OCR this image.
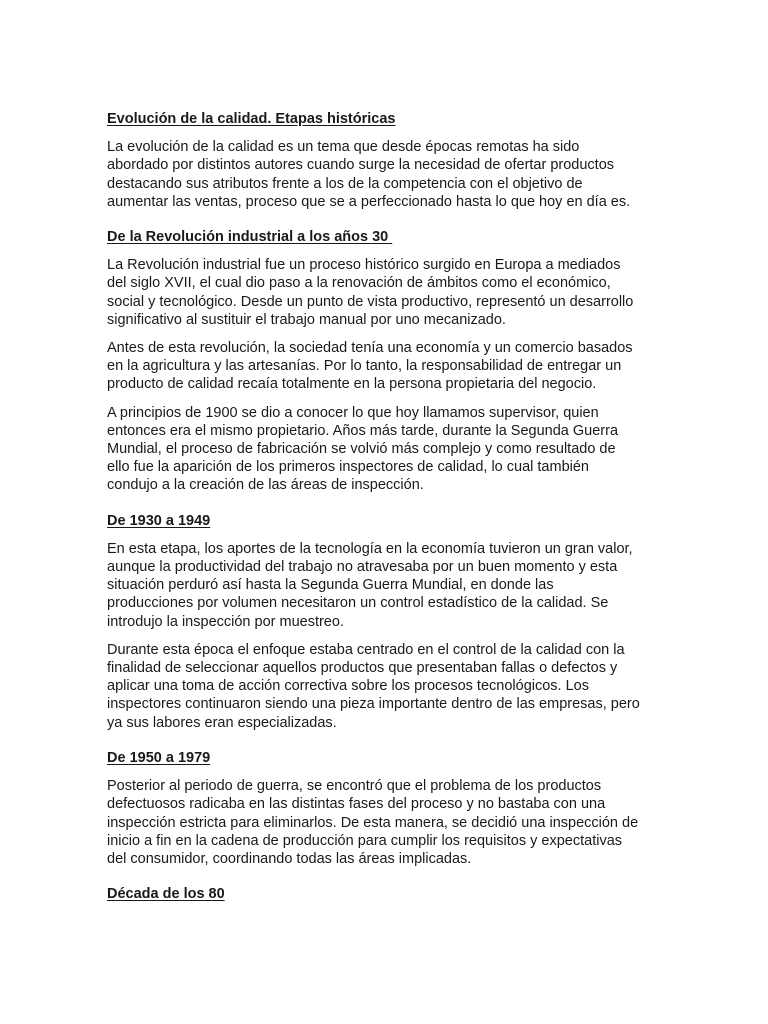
Evolución de la calidad. Etapas históricas
La evolución de la calidad es un tema que desde épocas remotas ha sido
abordado por distintos autores cuando surge la necesidad de ofertar productos
destacando sus atributos frente a los de la competencia con el objetivo de
aumentar las ventas, proceso que se a perfeccionado hasta lo que hoy en día es.
De la Revolución industrial a los años 30
La Revolución industrial fue un proceso histórico surgido en Europa a mediados
del siglo XVII, el cual dio paso a la renovación de ámbitos como el económico,
social y tecnológico. Desde un punto de vista productivo, representó un desarrollo
significativo al sustituir el trabajo manual por uno mecanizado.
Antes de esta revolución, la sociedad tenía una economía y un comercio basados
en la agricultura y las artesanías. Por lo tanto, la responsabilidad de entregar un
producto de calidad recaía totalmente en la persona propietaria del negocio.
A principios de 1900 se dio a conocer lo que hoy llamamos supervisor, quien
entonces era el mismo propietario. Años más tarde, durante la Segunda Guerra
Mundial, el proceso de fabricación se volvió más complejo y como resultado de
ello fue la aparición de los primeros inspectores de calidad, lo cual también
condujo a la creación de las áreas de inspección.
De 1930 a 1949
En esta etapa, los aportes de la tecnología en la economía tuvieron un gran valor,
aunque la productividad del trabajo no atravesaba por un buen momento y esta
situación perduró así hasta la Segunda Guerra Mundial, en donde las
producciones por volumen necesitaron un control estadístico de la calidad. Se
introdujo la inspección por muestreo.
Durante esta época el enfoque estaba centrado en el control de la calidad con la
finalidad de seleccionar aquellos productos que presentaban fallas o defectos y
aplicar una toma de acción correctiva sobre los procesos tecnológicos. Los
inspectores continuaron siendo una pieza importante dentro de las empresas, pero
ya sus labores eran especializadas.
De 1950 a 1979
Posterior al periodo de guerra, se encontró que el problema de los productos
defectuosos radicaba en las distintas fases del proceso y no bastaba con una
inspección estricta para eliminarlos. De esta manera, se decidió una inspección de
inicio a fin en la cadena de producción para cumplir los requisitos y expectativas
del consumidor, coordinando todas las áreas implicadas.
Década de los 80
